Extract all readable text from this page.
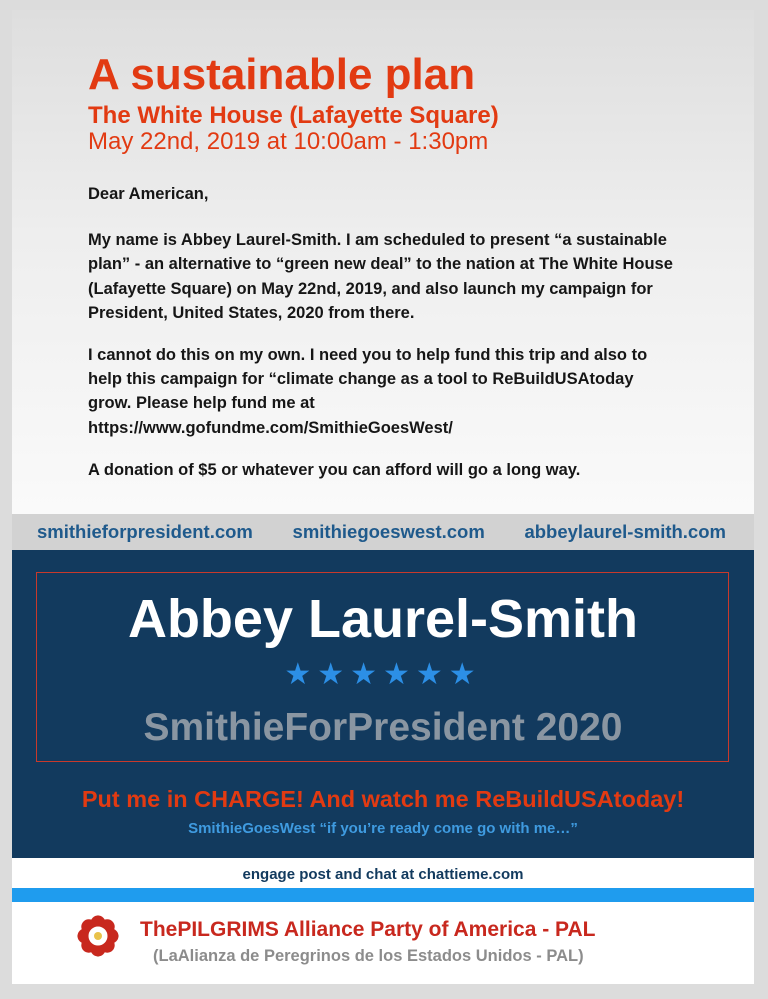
A sustainable plan
The White House (Lafayette Square)
May 22nd, 2019 at 10:00am - 1:30pm

Dear American,

My name is Abbey Laurel-Smith. I am scheduled to present “a sustainable plan” - an alternative to “green new deal” to the nation at The White House (Lafayette Square) on May 22nd, 2019, and also launch my campaign for President, United States, 2020 from there.

I cannot do this on my own. I need you to help fund this trip and also to help this campaign for “climate change as a tool to ReBuildUSAtoday grow. Please help fund me at https://www.gofundme.com/SmithieGoesWest/

A donation of $5 or whatever you can afford will go a long way.

smithieforpresident.com smithiegoeswest.com abbeylaurel-smith.com
Abbey Laurel-Smith
★★★★★★
SmithieForPresident 2020
Put me in CHARGE! And watch me ReBuildUSAtoday!
SmithieGoesWest “if you’re ready come go with me…”
engage post and chat at chattieme.com
ThePILGRIMS Alliance Party of America - PAL
(LaAlianza de Peregrinos de los Estados Unidos - PAL)
